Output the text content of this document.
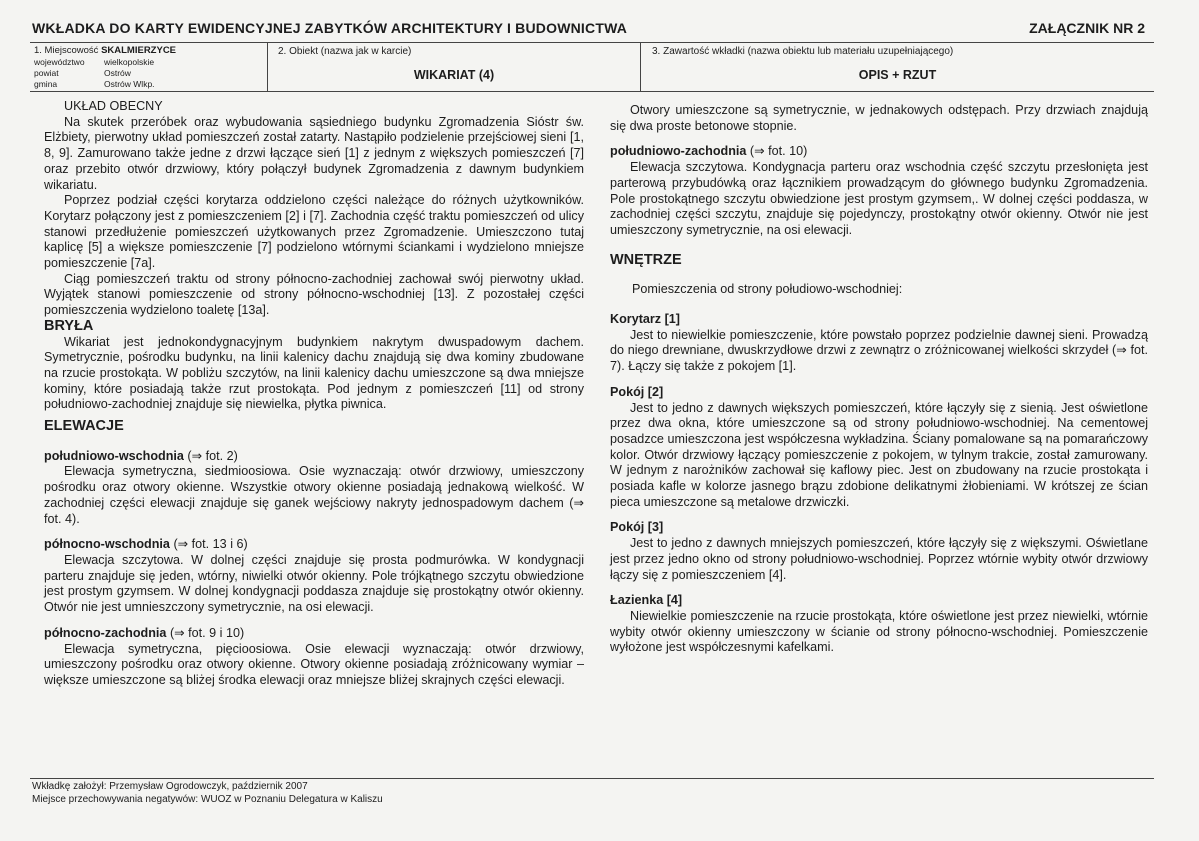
WKŁADKA DO KARTY EWIDENCYJNEJ ZABYTKÓW ARCHITEKTURY I BUDOWNICTWA	ZAŁĄCZNIK NR 2
1. Miejscowość SKALMIERZYCE
województwo wielkopolskie
powiat	Ostrów
gmina	Ostrów Wlkp.
2. Obiekt (nazwa jak w karcie)
WIKARIAT (4)
3. Zawartość wkładki (nazwa obiektu lub materiału uzupełniającego)
OPIS + RZUT

UKŁAD OBECNY

Na skutek przeróbek oraz wybudowania sąsiedniego budynku Zgromadzenia Sióstr św. Elżbiety, pierwotny układ pomieszczeń został zatarty. Nastąpiło podzielenie przejściowej sieni [1, 8, 9]. Zamurowano także jedne z drzwi łączące sień [1] z jednym z większych pomieszczeń [7] oraz przebito otwór drzwiowy, który połączył budynek Zgromadzenia z dawnym budynkiem wikariatu.

Poprzez podział części korytarza oddzielono części należące do różnych użytkowników. Korytarz połączony jest z pomieszczeniem [2] i [7]. Zachodnia część traktu pomieszczeń od ulicy stanowi przedłużenie pomieszczeń użytkowanych przez Zgromadzenie. Umieszczono tutaj kaplicę [5] a większe pomieszczenie [7] podzielono wtórnymi ściankami i wydzielono mniejsze pomieszczenie [7a].

Ciąg pomieszczeń traktu od strony północno-zachodniej zachował swój pierwotny układ. Wyjątek stanowi pomieszczenie od strony północno-wschodniej [13]. Z pozostałej części pomieszczenia wydzielono toaletę [13a].

BRYŁA

Wikariat jest jednokondygnacyjnym budynkiem nakrytym dwuspadowym dachem. Symetrycznie, pośrodku budynku, na linii kalenicy dachu znajdują się dwa kominy zbudowane na rzucie prostokąta. W pobliżu szczytów, na linii kalenicy dachu umieszczone są dwa mniejsze kominy, które posiadają także rzut prostokąta. Pod jednym z pomieszczeń [11] od strony południowo-zachodniej znajduje się niewielka, płytka piwnica.

ELEWACJE

południowo-wschodnia (⇒ fot. 2)

Elewacja symetryczna, siedmioosiowa. Osie wyznaczają: otwór drzwiowy, umieszczony pośrodku oraz otwory okienne. Wszystkie otwory okienne posiadają jednakową wielkość. W zachodniej części elewacji znajduje się ganek wejściowy nakryty jednospadowym dachem (⇒ fot. 4).

północno-wschodnia (⇒ fot. 13 i 6)

Elewacja szczytowa. W dolnej części znajduje się prosta podmurówka. W kondygnacji parteru znajduje się jeden, wtórny, niwielki otwór okienny. Pole trójkątnego szczytu obwiedzione jest prostym gzymsem. W dolnej kondygnacji poddasza znajduje się prostokątny otwór okienny. Otwór nie jest umnieszczony symetrycznie, na osi elewacji.

północno-zachodnia (⇒ fot. 9 i 10)

Elewacja symetryczna, pięcioosiowa. Osie elewacji wyznaczają: otwór drzwiowy, umieszczony pośrodku oraz otwory okienne. Otwory okienne posiadają zróżnicowany wymiar – większe umieszczone są bliżej środka elewacji oraz mniejsze bliżej skrajnych części elewacji.

Otwory umieszczone są symetrycznie, w jednakowych odstępach. Przy drzwiach znajdują się dwa proste betonowe stopnie.

południowo-zachodnia (⇒ fot. 10)

Elewacja szczytowa. Kondygnacja parteru oraz wschodnia część szczytu przesłonięta jest parterową przybudówką oraz łącznikiem prowadzącym do głównego budynku Zgromadzenia. Pole prostokątnego szczytu obwiedzione jest prostym gzymsem,. W dolnej części poddasza, w zachodniej części szczytu, znajduje się pojedynczy, prostokątny otwór okienny. Otwór nie jest umieszczony symetrycznie, na osi elewacji.

WNĘTRZE

Pomieszczenia od strony połudiowo-wschodniej:

Korytarz [1]

Jest to niewielkie pomieszczenie, które powstało poprzez podzielnie dawnej sieni. Prowadzą do niego drewniane, dwuskrzydłowe drzwi z zewnątrz o zróżnicowanej wielkości skrzydeł (⇒ fot. 7). Łączy się także z pokojem [1].

Pokój [2]

Jest to jedno z dawnych większych pomieszczeń, które łączyły się z sienią. Jest oświetlone przez dwa okna, które umieszczone są od strony południowo-wschodniej. Na cementowej posadzce umieszczona jest współczesna wykładzina. Ściany pomalowane są na pomarańczowy kolor. Otwór drzwiowy łączący pomieszczenie z pokojem, w tylnym trakcie, został zamurowany. W jednym z narożników zachował się kaflowy piec. Jest on zbudowany na rzucie prostokąta i posiada kafle w kolorze jasnego brązu zdobione delikatnymi żłobieniami. W krótszej ze ścian pieca umieszczone są metalowe drzwiczki.

Pokój [3]

Jest to jedno z dawnych mniejszych pomieszczeń, które łączyły się z większymi. Oświetlane jest przez jedno okno od strony południowo-wschodniej. Poprzez wtórnie wybity otwór drzwiowy łączy się z pomieszczeniem [4].

Łazienka [4]

Niewielkie pomieszczenie na rzucie prostokąta, które oświetlone jest przez niewielki, wtórnie wybity otwór okienny umieszczony w ścianie od strony północno-wschodniej. Pomieszczenie wyłożone jest współczesnymi kafelkami.

Wkładkę założył: Przemysław Ogrodowczyk, październik 2007
Miejsce przechowywania negatywów: WUOZ w Poznaniu Delegatura w Kaliszu
